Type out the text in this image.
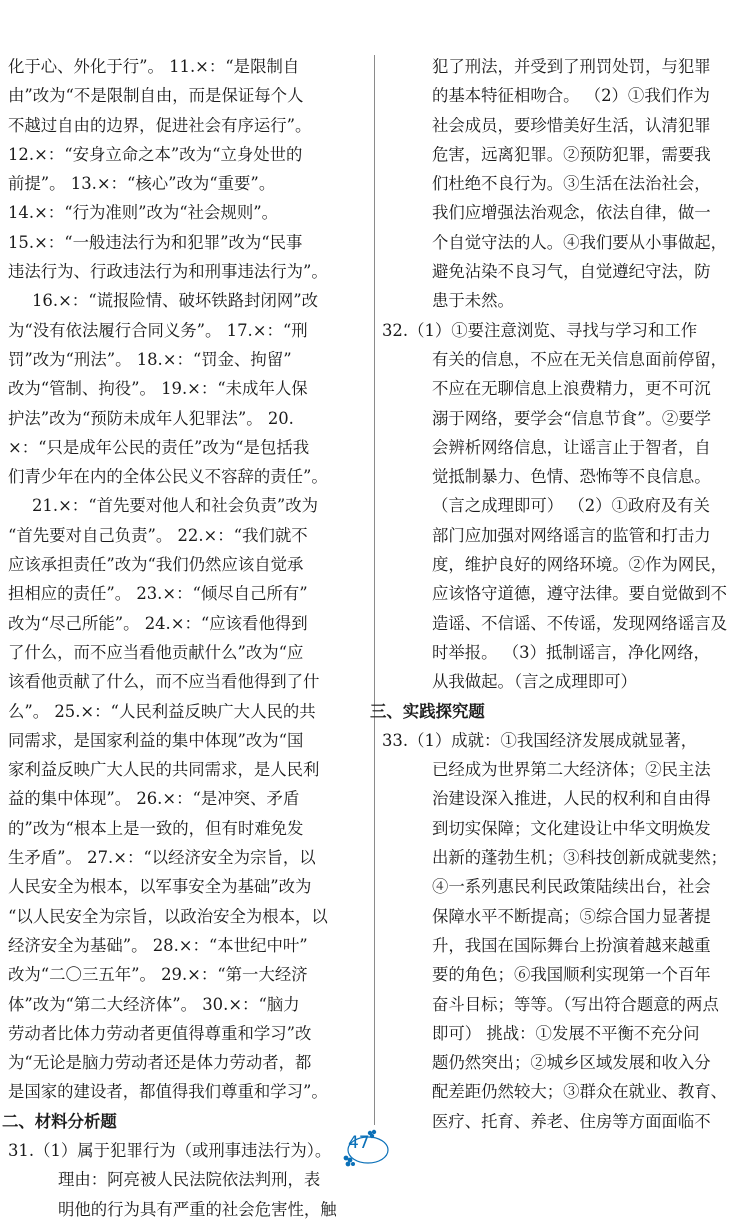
化于心、外化于行”。 11.×：“是限制自
由”改为“不是限制自由，而是保证每个人
不越过自由的边界，促进社会有序运行”。
12.×：“安身立命之本”改为“立身处世的
前提”。 13.×：“核心”改为“重要”。
14.×：“行为准则”改为“社会规则”。
15.×：“一般违法行为和犯罪”改为“民事
违法行为、行政违法行为和刑事违法行为”。
16.×：“谎报险情、破坏铁路封闭网”改
为“没有依法履行合同义务”。 17.×：“刑
罚”改为“刑法”。 18.×：“罚金、拘留”
改为“管制、拘役”。 19.×：“未成年人保
护法”改为“预防未成年人犯罪法”。 20.
×：“只是成年公民的责任”改为“是包括我
们青少年在内的全体公民义不容辞的责任”。
21.×：“首先要对他人和社会负责”改为
“首先要对自己负责”。 22.×：“我们就不
应该承担责任”改为“我们仍然应该自觉承
担相应的责任”。 23.×：“倾尽自己所有”
改为“尽己所能”。 24.×：“应该看他得到
了什么，而不应当看他贡献什么”改为“应
该看他贡献了什么，而不应当看他得到了什
么”。 25.×：“人民利益反映广大人民的共
同需求，是国家利益的集中体现”改为“国
家利益反映广大人民的共同需求，是人民利
益的集中体现”。 26.×：“是冲突、矛盾
的”改为“根本上是一致的，但有时难免发
生矛盾”。 27.×：“以经济安全为宗旨，以
人民安全为根本，以军事安全为基础”改为
“以人民安全为宗旨，以政治安全为根本，以
经济安全为基础”。 28.×：“本世纪中叶”
改为“二〇三五年”。 29.×：“第一大经济
体”改为“第二大经济体”。 30.×：“脑力
劳动者比体力劳动者更值得尊重和学习”改
为“无论是脑力劳动者还是体力劳动者，都
是国家的建设者，都值得我们尊重和学习”。
二、材料分析题
31.（1）属于犯罪行为（或刑事违法行为）。
理由：阿亮被人民法院依法判刑，表
明他的行为具有严重的社会危害性，触
犯了刑法，并受到了刑罚处罚，与犯罪
的基本特征相吻合。 （2）①我们作为
社会成员，要珍惜美好生活，认清犯罪
危害，远离犯罪。②预防犯罪，需要我
们杜绝不良行为。③生活在法治社会，
我们应增强法治观念，依法自律，做一
个自觉守法的人。④我们要从小事做起，
避免沾染不良习气，自觉遵纪守法，防
患于未然。
32.（1）①要注意浏览、寻找与学习和工作
有关的信息，不应在无关信息面前停留，
不应在无聊信息上浪费精力，更不可沉
溺于网络，要学会“信息节食”。②要学
会辨析网络信息，让谣言止于智者，自
觉抵制暴力、色情、恐怖等不良信息。
（言之成理即可） （2）①政府及有关
部门应加强对网络谣言的监管和打击力
度，维护良好的网络环境。②作为网民，
应该恪守道德，遵守法律。要自觉做到不
造谣、不信谣、不传谣，发现网络谣言及
时举报。 （3）抵制谣言，净化网络，
从我做起。（言之成理即可）
三、实践探究题
33.（1）成就：①我国经济发展成就显著，
已经成为世界第二大经济体；②民主法
治建设深入推进，人民的权利和自由得
到切实保障；文化建设让中华文明焕发
出新的蓬勃生机；③科技创新成就斐然；
④一系列惠民利民政策陆续出台，社会
保障水平不断提高；⑤综合国力显著提
升，我国在国际舞台上扮演着越来越重
要的角色；⑥我国顺利实现第一个百年
奋斗目标；等等。（写出符合题意的两点
即可） 挑战：①发展不平衡不充分问
题仍然突出；②城乡区域发展和收入分
配差距仍然较大；③群众在就业、教育、
医疗、托育、养老、住房等方面面临不
47
